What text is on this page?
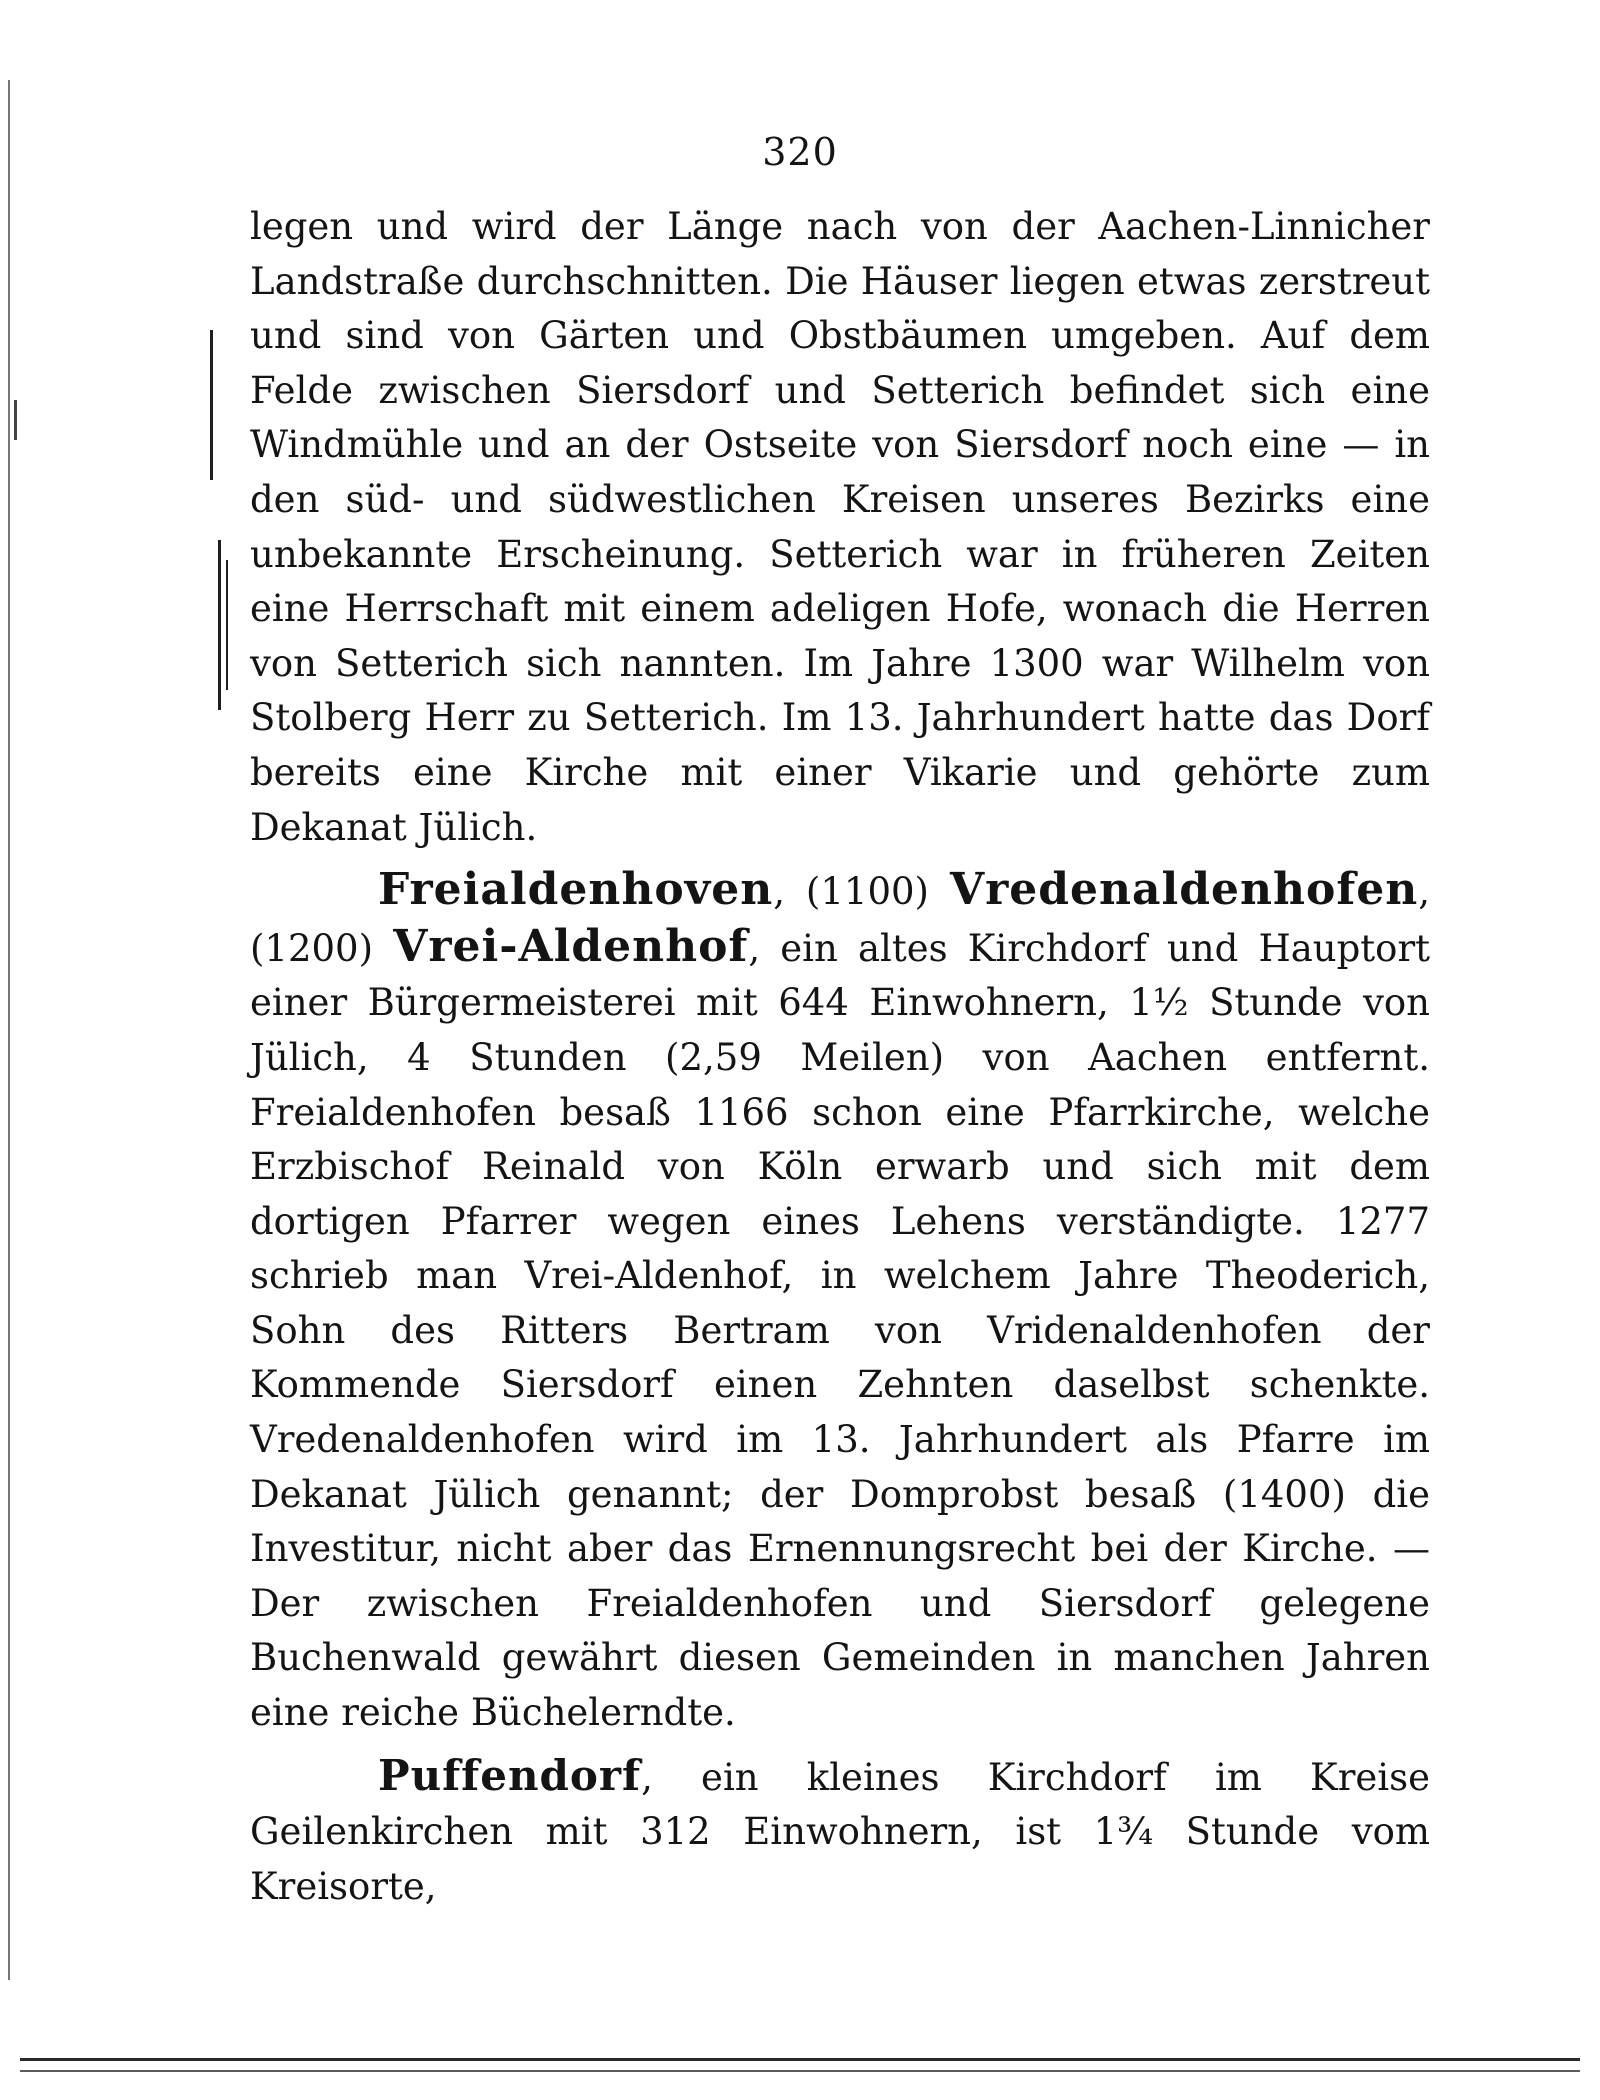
320

legen und wird der Länge nach von der Aachen-Linnicher Landstraße durchschnitten. Die Häuser liegen etwas zerstreut und sind von Gärten und Obstbäumen umgeben. Auf dem Felde zwischen Siersdorf und Setterich befindet sich eine Windmühle und an der Ostseite von Siersdorf noch eine — in den süd- und südwestlichen Kreisen unseres Bezirks eine unbekannte Erscheinung. Setterich war in früheren Zeiten eine Herrschaft mit einem adeligen Hofe, wonach die Herren von Setterich sich nannten. Im Jahre 1300 war Wilhelm von Stolberg Herr zu Setterich. Im 13. Jahrhundert hatte das Dorf bereits eine Kirche mit einer Vikarie und gehörte zum Dekanat Jülich.

Freialdenhoven, (1100) Vredenaldenhofen, (1200) Vrei-Aldenhof, ein altes Kirchdorf und Hauptort einer Bürgermeisterei mit 644 Einwohnern, 1½ Stunde von Jülich, 4 Stunden (2,59 Meilen) von Aachen entfernt. Freialdenhofen besaß 1166 schon eine Pfarrkirche, welche Erzbischof Reinald von Köln erwarb und sich mit dem dortigen Pfarrer wegen eines Lehens verständigte. 1277 schrieb man Vrei-Aldenhof, in welchem Jahre Theoderich, Sohn des Ritters Bertram von Vridenaldenhofen der Kommende Siersdorf einen Zehnten daselbst schenkte. Vredenaldenhofen wird im 13. Jahrhundert als Pfarre im Dekanat Jülich genannt; der Domprobst besaß (1400) die Investitur, nicht aber das Ernennungsrecht bei der Kirche. — Der zwischen Freialdenhofen und Siersdorf gelegene Buchenwald gewährt diesen Gemeinden in manchen Jahren eine reiche Büchelerndte.

Puffendorf, ein kleines Kirchdorf im Kreise Geilenkirchen mit 312 Einwohnern, ist 1¾ Stunde vom Kreisorte,
